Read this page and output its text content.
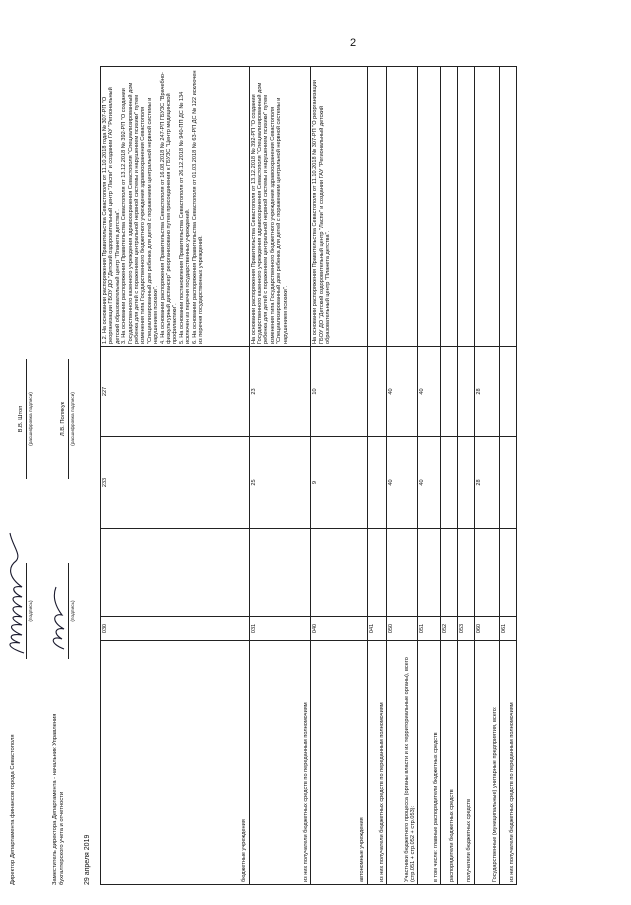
2
бюджетные учреждения	030		233	227	1.2. На основании распоряжения Правительства Севастополя от 11.10.2018 года № 307-РП "О реорганизации ГБОУ ДО "Детский оздоровительный центр "Ласпи" и создании ГАУ "Региональный детский образовательный центр "Планета детства". 3. На основании распоряжения Правительства Севастополя от 13.12.2018 № 392-РП "О создании Государственного казенного учреждения здравоохранения Севастополя "Специализированный дом ребенка для детей с поражением центральной нервной системы и нарушением психики" путем изменения типа Государственного бюджетного учреждения здравоохранения Севастополя "Специализированный дом ребенка для детей с поражением центральной нервной системы и нарушением психики". 4. На основании распоряжения Правительства Севастополя от 16.08.2018 № 247-РП ГБУЗС "Врачебно-физкультурный диспансер" реорганизовано путем присоединения к ГБУЗС "Центр медицинской профилактики". 5. На основании постановления Правительства Севастополя от 26.12.2018 № 940-ПП ДС № 134 исключен из перечня государственных учреждений. 6. На основании распоряжения Правительства Севастополя от 01.03.2018 № 63-РП ДС № 122 исключен из перечня государственных учреждений.

из них получатели бюджетных средств по переданным полномочиям	031		25	23	На основании распоряжения Правительства Севастополя от 13.12.2018 № 392-РП "О создании Государственного казенного учреждения здравоохранения Севастополя "Специализированный дом ребенка для детей с поражением центральной нервной системы и нарушением психики" путем изменения типа Государственного бюджетного учреждения здравоохранения Севастополя "Специализированный дом ребенка для детей с поражением центральной нервной системы и нарушением психики".

автономные учреждения	040		9	10	На основании распоряжения Правительства Севастополя от 11.10.2018 № 307-РП "О реорганизации ГБОУ ДО "Детский оздоровительный центр "Ласпи" и создании ГАУ "Региональный детский образовательный центр "Планета детства".

из них получатели бюджетных средств по переданным полномочиям	041				
Участники бюджетного процесса (органы власти и их территориальные органы), всего (стр.051 + стр.052 + стр.053):	050		40	40	
в том числе: главные распорядители бюджетных средств	051		40	40	
распорядители бюджетных средств	052				
получатели бюджетных средств	053				
Государственные (муниципальные) унитарные предприятия, всего:	060		28	28	
из них получатели бюджетных средств по переданным полномочиям	061				
Директор Департамента финансов города Севастополя
(подпись)
В.В. Штоп (расшифровка подписи)
Заместитель директора Департамента - начальник Управления бухгалтерского учета и отчетности
(подпись)
Л.В. Полякук (расшифровка подписи)
29 апреля 2019
